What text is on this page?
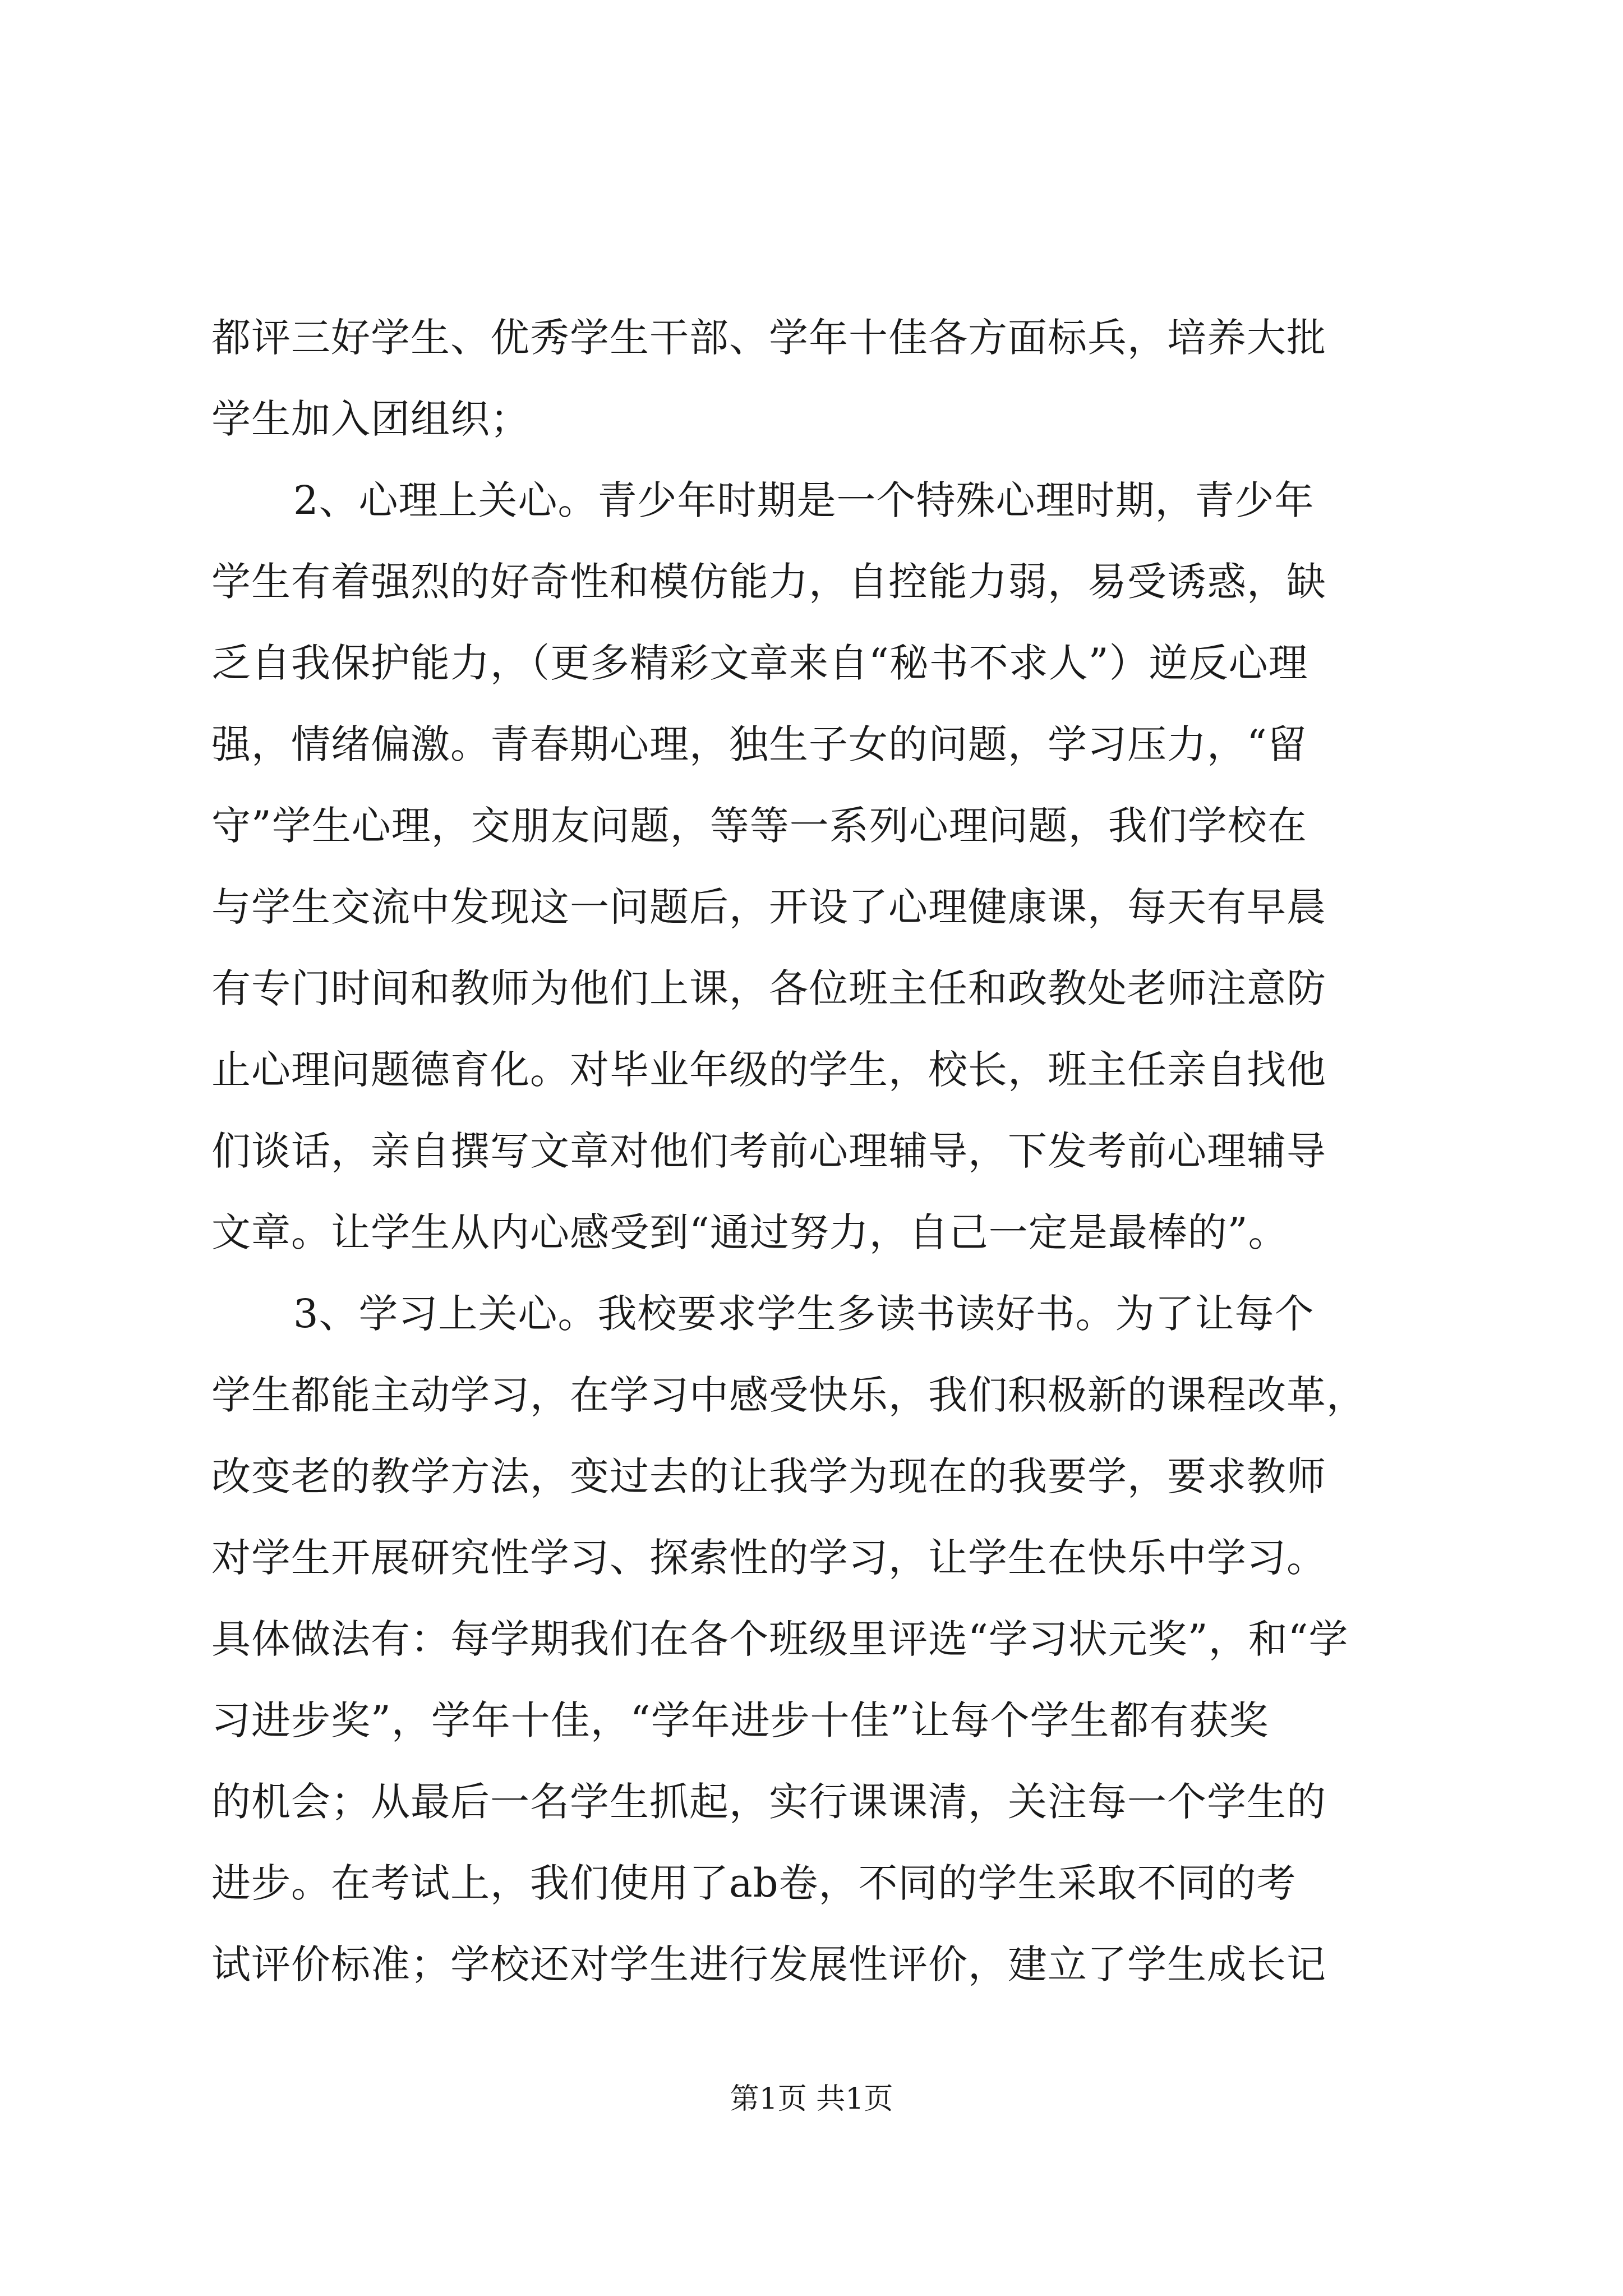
都评三好学生、优秀学生干部、学年十佳各方面标兵，培养大批
学生加入团组织；
2、心理上关心。青少年时期是一个特殊心理时期，青少年
学生有着强烈的好奇性和模仿能力，自控能力弱，易受诱惑，缺
乏自我保护能力，（更多精彩文章来自“秘书不求人”）逆反心理
强，情绪偏激。青春期心理，独生子女的问题，学习压力，“留
守”学生心理，交朋友问题，等等一系列心理问题，我们学校在
与学生交流中发现这一问题后，开设了心理健康课，每天有早晨
有专门时间和教师为他们上课，各位班主任和政教处老师注意防
止心理问题德育化。对毕业年级的学生，校长，班主任亲自找他
们谈话，亲自撰写文章对他们考前心理辅导，下发考前心理辅导
文章。让学生从内心感受到“通过努力，自己一定是最棒的”。
3、学习上关心。我校要求学生多读书读好书。为了让每个
学生都能主动学习，在学习中感受快乐，我们积极新的课程改革，
改变老的教学方法，变过去的让我学为现在的我要学，要求教师
对学生开展研究性学习、探索性的学习，让学生在快乐中学习。
具体做法有：每学期我们在各个班级里评选“学习状元奖”，和“学
习进步奖”，学年十佳，“学年进步十佳”让每个学生都有获奖
的机会；从最后一名学生抓起，实行课课清，关注每一个学生的
进步。在考试上，我们使用了ab卷，不同的学生采取不同的考
试评价标准；学校还对学生进行发展性评价，建立了学生成长记
第1页 共1页
